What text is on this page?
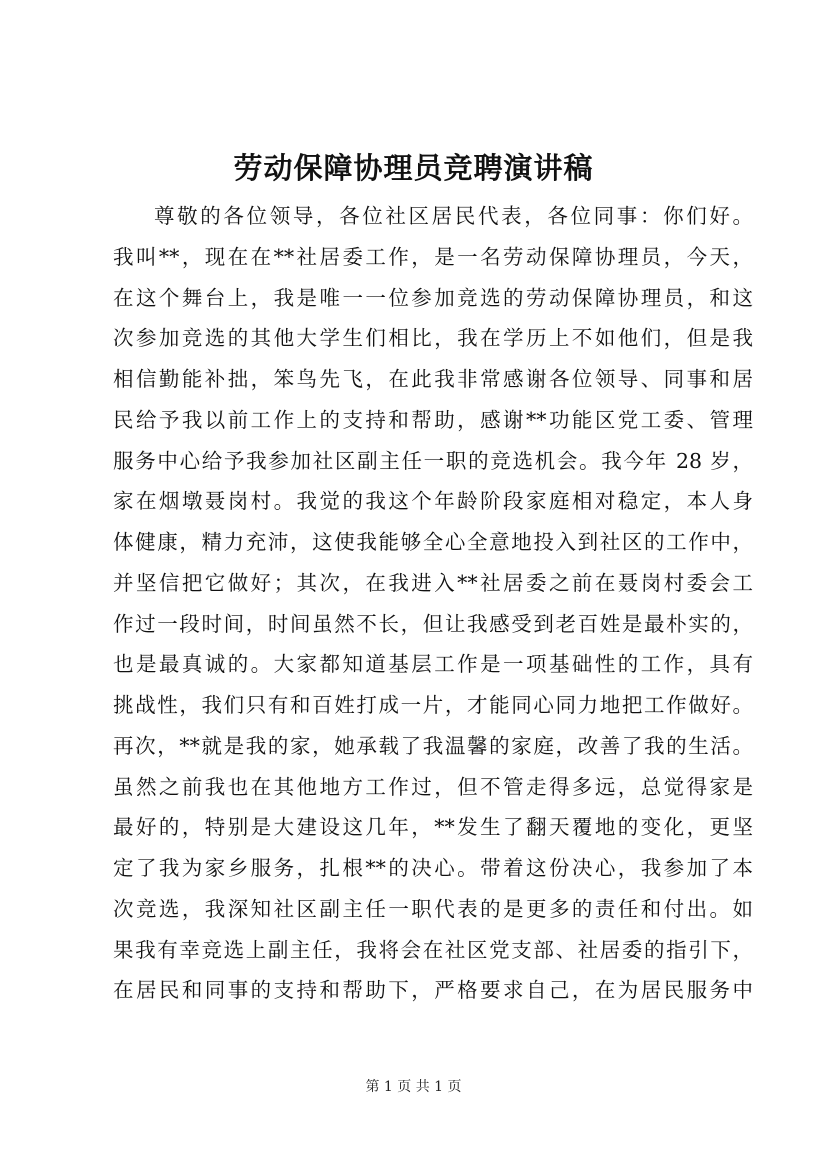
劳动保障协理员竞聘演讲稿
尊敬的各位领导，各位社区居民代表，各位同事：你们好。
我叫**，现在在**社居委工作，是一名劳动保障协理员，今天，
在这个舞台上，我是唯一一位参加竞选的劳动保障协理员，和这
次参加竞选的其他大学生们相比，我在学历上不如他们，但是我
相信勤能补拙，笨鸟先飞，在此我非常感谢各位领导、同事和居
民给予我以前工作上的支持和帮助，感谢**功能区党工委、管理
服务中心给予我参加社区副主任一职的竞选机会。我今年 28 岁，
家在烟墩聂岗村。我觉的我这个年龄阶段家庭相对稳定，本人身
体健康，精力充沛，这使我能够全心全意地投入到社区的工作中，
并坚信把它做好；其次，在我进入**社居委之前在聂岗村委会工
作过一段时间，时间虽然不长，但让我感受到老百姓是最朴实的，
也是最真诚的。大家都知道基层工作是一项基础性的工作，具有
挑战性，我们只有和百姓打成一片，才能同心同力地把工作做好。
再次，**就是我的家，她承载了我温馨的家庭，改善了我的生活。
虽然之前我也在其他地方工作过，但不管走得多远，总觉得家是
最好的，特别是大建设这几年，**发生了翻天覆地的变化，更坚
定了我为家乡服务，扎根**的决心。带着这份决心，我参加了本
次竞选，我深知社区副主任一职代表的是更多的责任和付出。如
果我有幸竞选上副主任，我将会在社区党支部、社居委的指引下，
在居民和同事的支持和帮助下，严格要求自己，在为居民服务中
第 1 页 共 1 页
